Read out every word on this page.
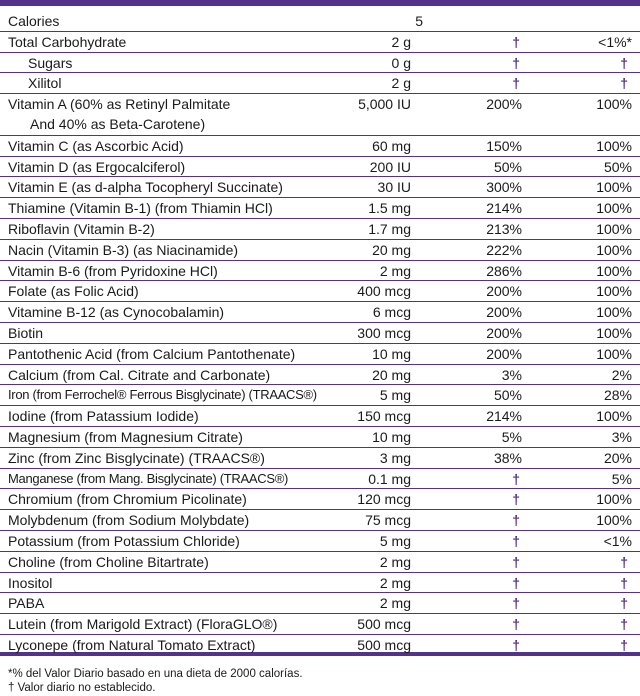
Calories	5
Total Carbohydrate	2 g	†	<1%*
Sugars	0 g	†	†
Xilitol	2 g	†	†
Vitamin A (60% as Retinyl Palmitate
And 40% as Beta-Carotene)
5,000 IU	200%	100%
Vitamin C (as Ascorbic Acid)	60 mg	150%	100%
Vitamin D (as Ergocalciferol)	200 IU	50%	50%
Vitamin E (as d-alpha Tocopheryl Succinate)	30 IU	300%	100%
Thiamine (Vitamin B-1) (from Thiamin HCl)	1.5 mg	214%	100%
Riboflavin (Vitamin B-2)	1.7 mg	213%	100%
Nacin (Vitamin B-3) (as Niacinamide)	20 mg	222%	100%
Vitamin B-6 (from Pyridoxine HCl)	2 mg	286%	100%
Folate (as Folic Acid)	400 mcg	200%	100%
Vitamine B-12 (as Cynocobalamin)	6 mcg	200%	100%
Biotin	300 mcg	200%	100%
Pantothenic Acid (from Calcium Pantothenate)	10 mg	200%	100%
Calcium (from Cal. Citrate and Carbonate)	20 mg	3%	2%
Iron (from Ferrochel® Ferrous Bisglycinate) (TRAACS®)	5 mg	50%	28%
Iodine (from Patassium Iodide)	150 mcg	214%	100%
Magnesium (from Magnesium Citrate)	10 mg	5%	3%
Zinc (from Zinc Bisglycinate) (TRAACS®)	3 mg	38%	20%
Manganese (from Mang. Bisglycinate) (TRAACS®)	0.1 mg	†	5%
Chromium (from Chromium Picolinate)	120 mcg	†	100%
Molybdenum (from Sodium Molybdate)	75 mcg	†	100%
Potassium (from Potassium Chloride)	5 mg	†	<1%
Choline (from Choline Bitartrate)	2 mg	†	†
Inositol	2 mg	†	†
PABA	2 mg	†	†
Lutein (from Marigold Extract) (FloraGLO®)	500 mcg	†	†
Lyconepe (from Natural Tomato Extract)	500 mcg	†	†
*% del Valor Diario basado en una dieta de 2000 calorías.
† Valor diario no establecido.
